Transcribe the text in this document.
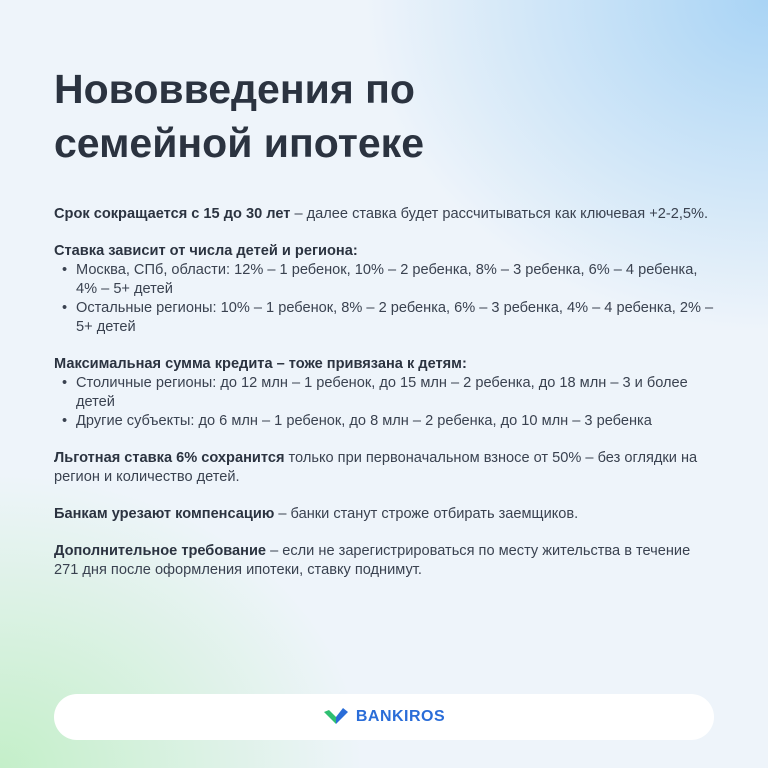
Нововведения по
семейной ипотеке

Срок сокращается с 15 до 30 лет – далее ставка будет рассчитываться как ключевая +2-2,5%.

Ставка зависит от числа детей и региона:
• Москва, СПб, области: 12% – 1 ребенок, 10% – 2 ребенка, 8% – 3 ребенка, 6% – 4 ребенка, 4% – 5+ детей
• Остальные регионы: 10% – 1 ребенок, 8% – 2 ребенка, 6% – 3 ребенка, 4% – 4 ребенка, 2% – 5+ детей
Максимальная сумма кредита – тоже привязана к детям:
• Столичные регионы: до 12 млн – 1 ребенок, до 15 млн – 2 ребенка, до 18 млн – 3 и более детей
• Другие субъекты: до 6 млн – 1 ребенок, до 8 млн – 2 ребенка, до 10 млн – 3 ребенка

Льготная ставка 6% сохранится только при первоначальном взносе от 50% – без оглядки на регион и количество детей.

Банкам урезают компенсацию – банки станут строже отбирать заемщиков.

Дополнительное требование – если не зарегистрироваться по месту жительства в течение 271 дня после оформления ипотеки, ставку поднимут.

BANKIROS
